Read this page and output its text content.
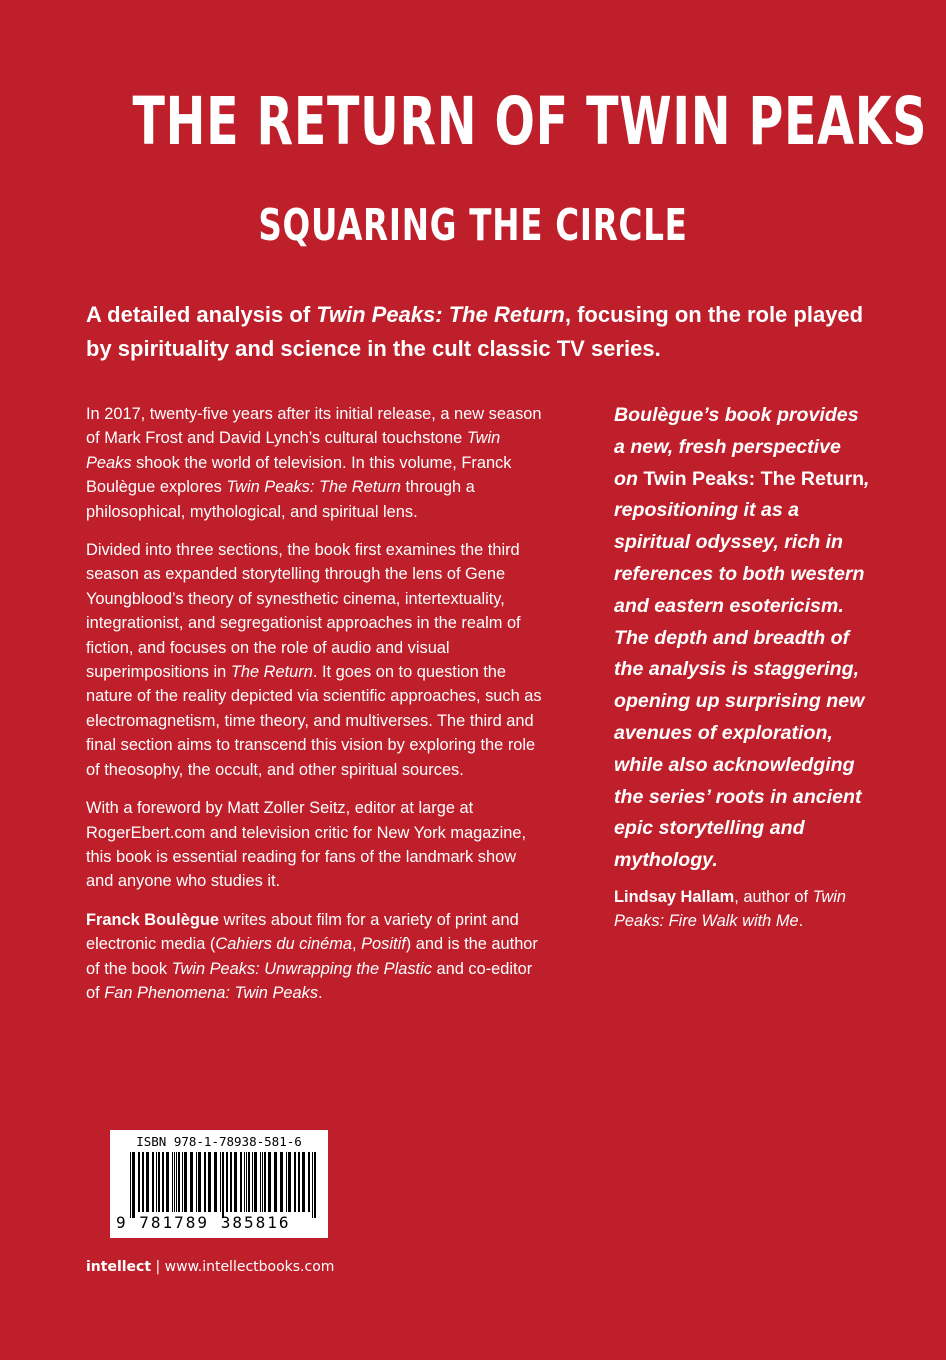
THE RETURN OF TWIN PEAKS
SQUARING THE CIRCLE

A detailed analysis of Twin Peaks: The Return, focusing on the role played by spirituality and science in the cult classic TV series.

In 2017, twenty-five years after its initial release, a new season of Mark Frost and David Lynch’s cultural touchstone Twin Peaks shook the world of television. In this volume, Franck Boulègue explores Twin Peaks: The Return through a philosophical, mythological, and spiritual lens.

Divided into three sections, the book first examines the third season as expanded storytelling through the lens of Gene Youngblood’s theory of synesthetic cinema, intertextuality, integrationist, and segregationist approaches in the realm of fiction, and focuses on the role of audio and visual superimpositions in The Return. It goes on to question the nature of the reality depicted via scientific approaches, such as electromagnetism, time theory, and multiverses. The third and final section aims to transcend this vision by exploring the role of theosophy, the occult, and other spiritual sources.

With a foreword by Matt Zoller Seitz, editor at large at RogerEbert.com and television critic for New York magazine, this book is essential reading for fans of the landmark show and anyone who studies it.

Franck Boulègue writes about film for a variety of print and electronic media (Cahiers du cinéma, Positif) and is the author of the book Twin Peaks: Unwrapping the Plastic and co-editor of Fan Phenomena: Twin Peaks.

Boulègue’s book provides a new, fresh perspective on Twin Peaks: The Return, repositioning it as a spiritual odyssey, rich in references to both western and eastern esotericism. The depth and breadth of the analysis is staggering, opening up surprising new avenues of exploration, while also acknowledging the series’ roots in ancient epic storytelling and mythology.

Lindsay Hallam, author of Twin Peaks: Fire Walk with Me.

ISBN 978-1-78938-581-6
9 781789 385816
intellect | www.intellectbooks.com
